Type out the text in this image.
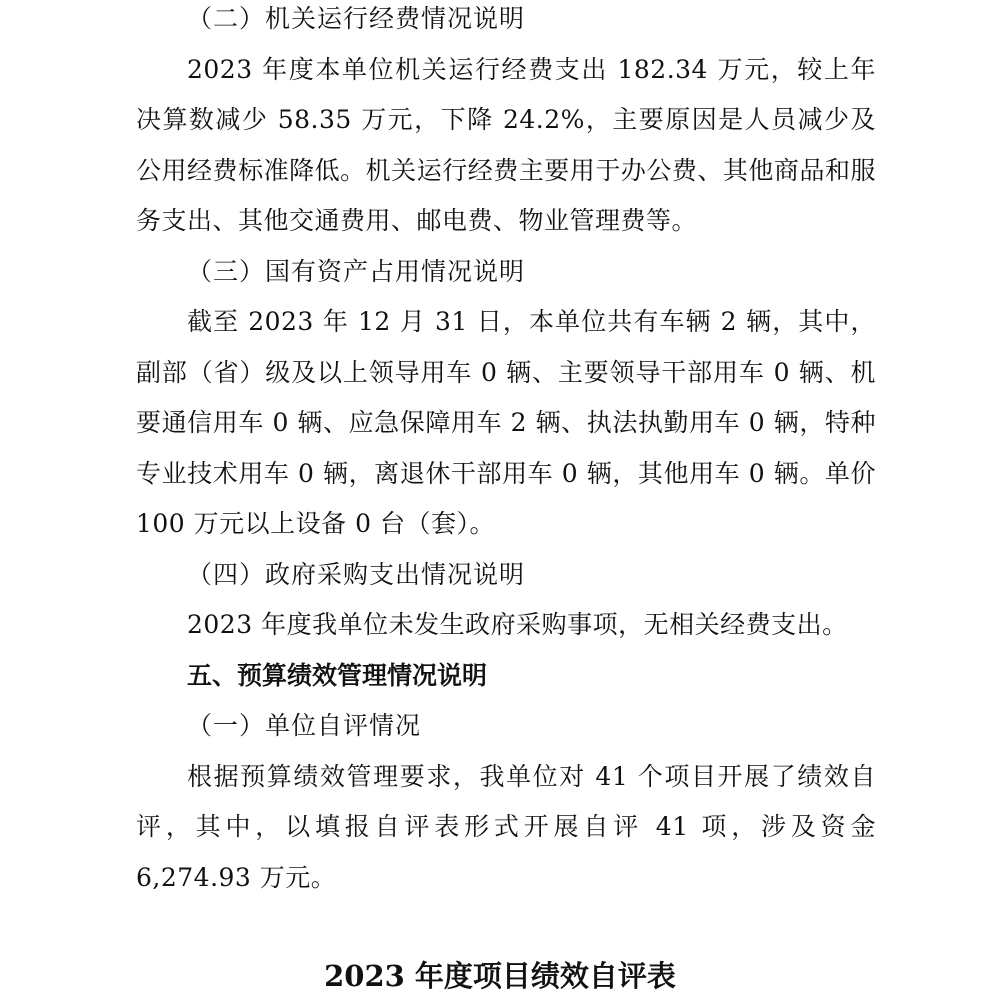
（二）机关运行经费情况说明

2023 年度本单位机关运行经费支出 182.34 万元，较上年决算数减少 58.35 万元，下降 24.2%，主要原因是人员减少及公用经费标准降低。机关运行经费主要用于办公费、其他商品和服务支出、其他交通费用、邮电费、物业管理费等。

（三）国有资产占用情况说明

截至 2023 年 12 月 31 日，本单位共有车辆 2 辆，其中，副部（省）级及以上领导用车 0 辆、主要领导干部用车 0 辆、机要通信用车 0 辆、应急保障用车 2 辆、执法执勤用车 0 辆，特种专业技术用车 0 辆，离退休干部用车 0 辆，其他用车 0 辆。单价 100 万元以上设备 0 台（套）。

（四）政府采购支出情况说明

2023 年度我单位未发生政府采购事项，无相关经费支出。

五、预算绩效管理情况说明

（一）单位自评情况

根据预算绩效管理要求，我单位对 41 个项目开展了绩效自评，其中，以填报自评表形式开展自评 41 项，涉及资金6,274.93 万元。

2023 年度项目绩效自评表
